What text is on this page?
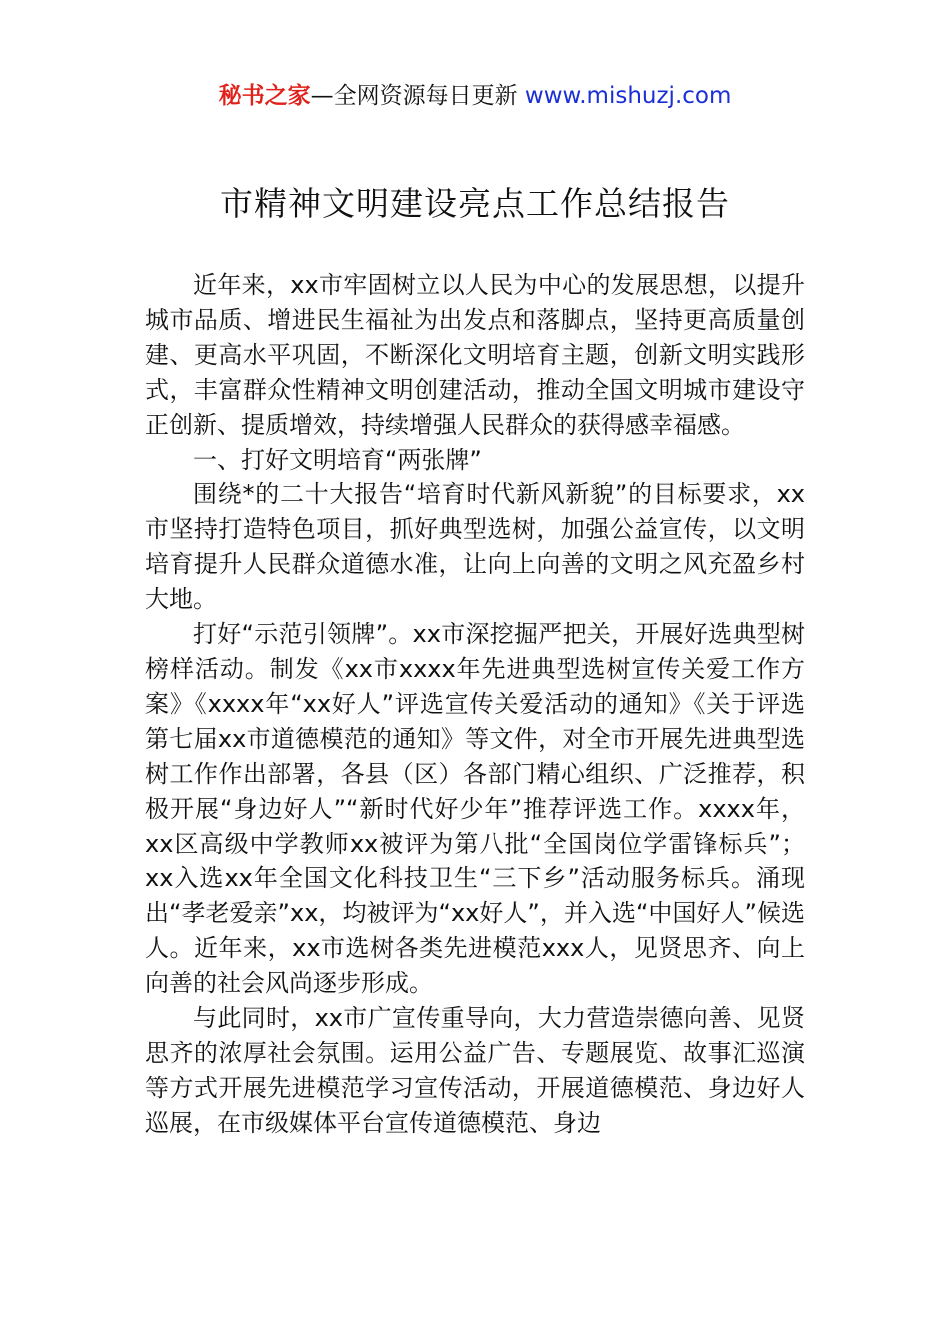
秘书之家—全网资源每日更新 www.mishuzj.com
市精神文明建设亮点工作总结报告

近年来，xx市牢固树立以人民为中心的发展思想，以提升城市品质、增进民生福祉为出发点和落脚点，坚持更高质量创建、更高水平巩固，不断深化文明培育主题，创新文明实践形式，丰富群众性精神文明创建活动，推动全国文明城市建设守正创新、提质增效，持续增强人民群众的获得感幸福感。

一、打好文明培育“两张牌”

围绕*的二十大报告“培育时代新风新貌”的目标要求，xx市坚持打造特色项目，抓好典型选树，加强公益宣传，以文明培育提升人民群众道德水准，让向上向善的文明之风充盈乡村大地。

打好“示范引领牌”。xx市深挖掘严把关，开展好选典型树榜样活动。制发《xx市xxxx年先进典型选树宣传关爱工作方案》《xxxx年“xx好人”评选宣传关爱活动的通知》《关于评选第七届xx市道德模范的通知》等文件，对全市开展先进典型选树工作作出部署，各县（区）各部门精心组织、广泛推荐，积极开展“身边好人”“新时代好少年”推荐评选工作。xxxx年，xx区高级中学教师xx被评为第八批“全国岗位学雷锋标兵”；xx入选xx年全国文化科技卫生“三下乡”活动服务标兵。涌现出“孝老爱亲”xx，均被评为“xx好人”，并入选“中国好人”候选人。近年来，xx市选树各类先进模范xxx人，见贤思齐、向上向善的社会风尚逐步形成。

与此同时，xx市广宣传重导向，大力营造崇德向善、见贤思齐的浓厚社会氛围。运用公益广告、专题展览、故事汇巡演等方式开展先进模范学习宣传活动，开展道德模范、身边好人巡展，在市级媒体平台宣传道德模范、身边
